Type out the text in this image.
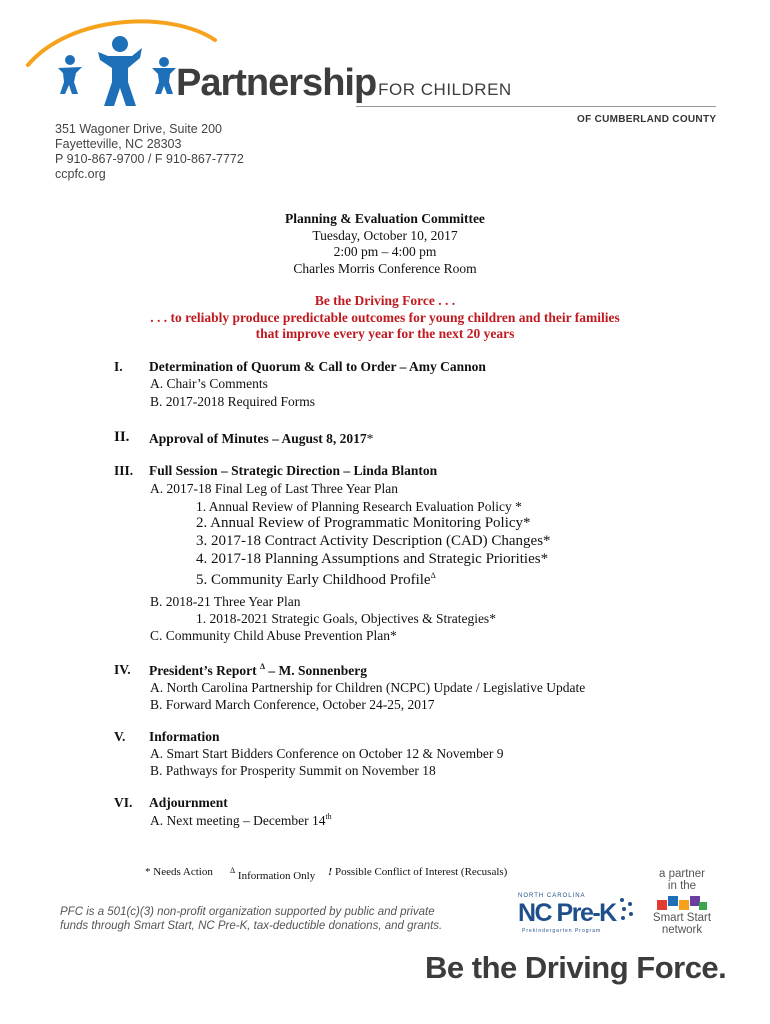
Partnership FOR CHILDREN
OF CUMBERLAND COUNTY
351 Wagoner Drive, Suite 200
Fayetteville, NC 28303
P 910-867-9700 / F 910-867-7772
ccpfc.org
Planning & Evaluation Committee
Tuesday, October 10, 2017
2:00 pm – 4:00 pm
Charles Morris Conference Room
Be the Driving Force . . .
. . . to reliably produce predictable outcomes for young children and their families
that improve every year for the next 20 years
I. Determination of Quorum & Call to Order – Amy Cannon
A. Chair’s Comments
B. 2017-2018 Required Forms
II. Approval of Minutes – August 8, 2017*
III. Full Session – Strategic Direction – Linda Blanton
A. 2017-18 Final Leg of Last Three Year Plan
1. Annual Review of Planning Research Evaluation Policy *
2. Annual Review of Programmatic Monitoring Policy*
3. 2017-18 Contract Activity Description (CAD) Changes*
4. 2017-18 Planning Assumptions and Strategic Priorities*
5. Community Early Childhood Profile$^\Delta$
B. 2018-21 Three Year Plan
1. 2018-2021 Strategic Goals, Objectives & Strategies*
C. Community Child Abuse Prevention Plan*
IV. President’s Report $^\Delta$ – M. Sonnenberg
A. North Carolina Partnership for Children (NCPC) Update / Legislative Update
B. Forward March Conference, October 24-25, 2017
V. Information
A. Smart Start Bidders Conference on October 12 & November 9
B. Pathways for Prosperity Summit on November 18
VI. Adjournment
A. Next meeting – December 14th
* Needs Action $^\Delta$ Information Only ! Possible Conflict of Interest (Recusals)
PFC is a 501(c)(3) non-profit organization supported by public and private
funds through Smart Start, NC Pre-K, tax-deductible donations, and grants.
NORTH CAROLINA
NC Pre-K
Prekindergarten Program
a partner
in the
Smart Start
network
Be the Driving Force.
